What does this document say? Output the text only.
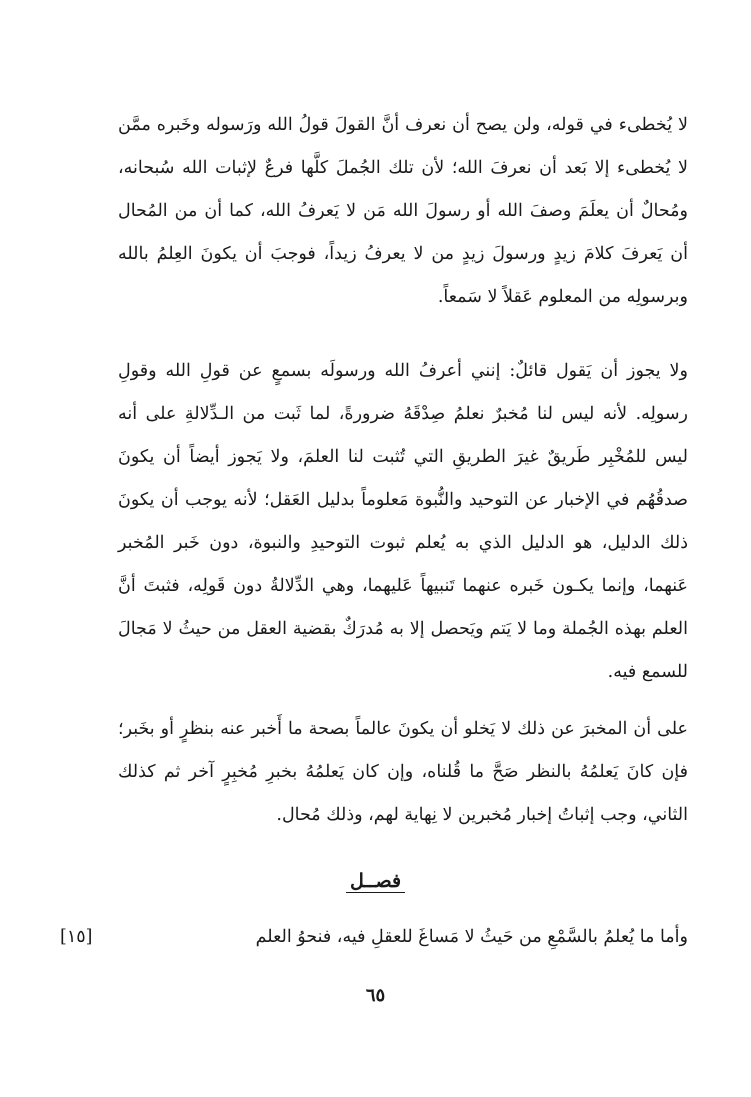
لا يُخطىء في قوله، ولن يصح أن نعرف أنَّ القولَ قولُ الله ورَسوله وخَبره ممَّن لا يُخطىء إلا بَعد أن نعرفَ الله؛ لأن تلك الجُملَ كلَّها فرعٌ لإثبات الله سُبحانه، ومُحالٌ أن يعلَمَ وصفَ الله أو رسولَ الله مَن لا يَعرفُ الله، كما أن من المُحال أن يَعرفَ كلامَ زيدٍ ورسولَ زيدٍ من لا يعرفُ زيداً، فوجبَ أن يكونَ العِلمُ بالله وبرسولِه من المعلوم عَقلاً لا سَمعاً.

ولا يجوز أن يَقول قائلٌ: إنني أعرفُ الله ورسولَه بسمعٍ عن قولِ الله وقولِ رسولِه. لأنه ليس لنا مُخبرٌ نعلمُ صِدْقَهُ ضرورةً، لما ثَبت من الـدِّلالةِ على أنه ليس للمُخْبِر طَريقٌ غيرَ الطريقِ التي تُثبت لنا العلمَ، ولا يَجوز أيضاً أن يكونَ صدقُهُم في الإخبار عن التوحيد والنُّبوة مَعلوماً بدليل العَقل؛ لأنه يوجب أن يكونَ ذلك الدليل، هو الدليل الذي به يُعلم ثبوت التوحيدِ والنبوة، دون خَبر المُخبر عَنهما، وإنما يكـون خَبره عنهما تَنبيهاً عَليهما، وهي الدِّلالةُ دون قَولِه، فثبتَ أنَّ العلم بهذه الجُملة وما لا يَتم ويَحصل إلا به مُدرَكٌ بقضية العقل من حيثُ لا مَجالَ للسمع فيه.

على أن المخبرَ عن ذلك لا يَخلو أن يكونَ عالماً بصحة ما أَخبر عنه بنظرٍ أو بخَبر؛ فإن كانَ يَعلمُهُ بالنظر صَحَّ ما قُلناه، وإن كان يَعلمُهُ بخبرِ مُخبِرٍ آخر ثم كذلك الثاني، وجب إثباتُ إخبار مُخبرين لا نِهاية لهم، وذلك مُحال.

فصــل
وأما ما يُعلمُ بالسَّمْعِ من حَيثُ لا مَساغَ للعقلِ فيه، فنحوُ العلم
[١٥]
٦٥
